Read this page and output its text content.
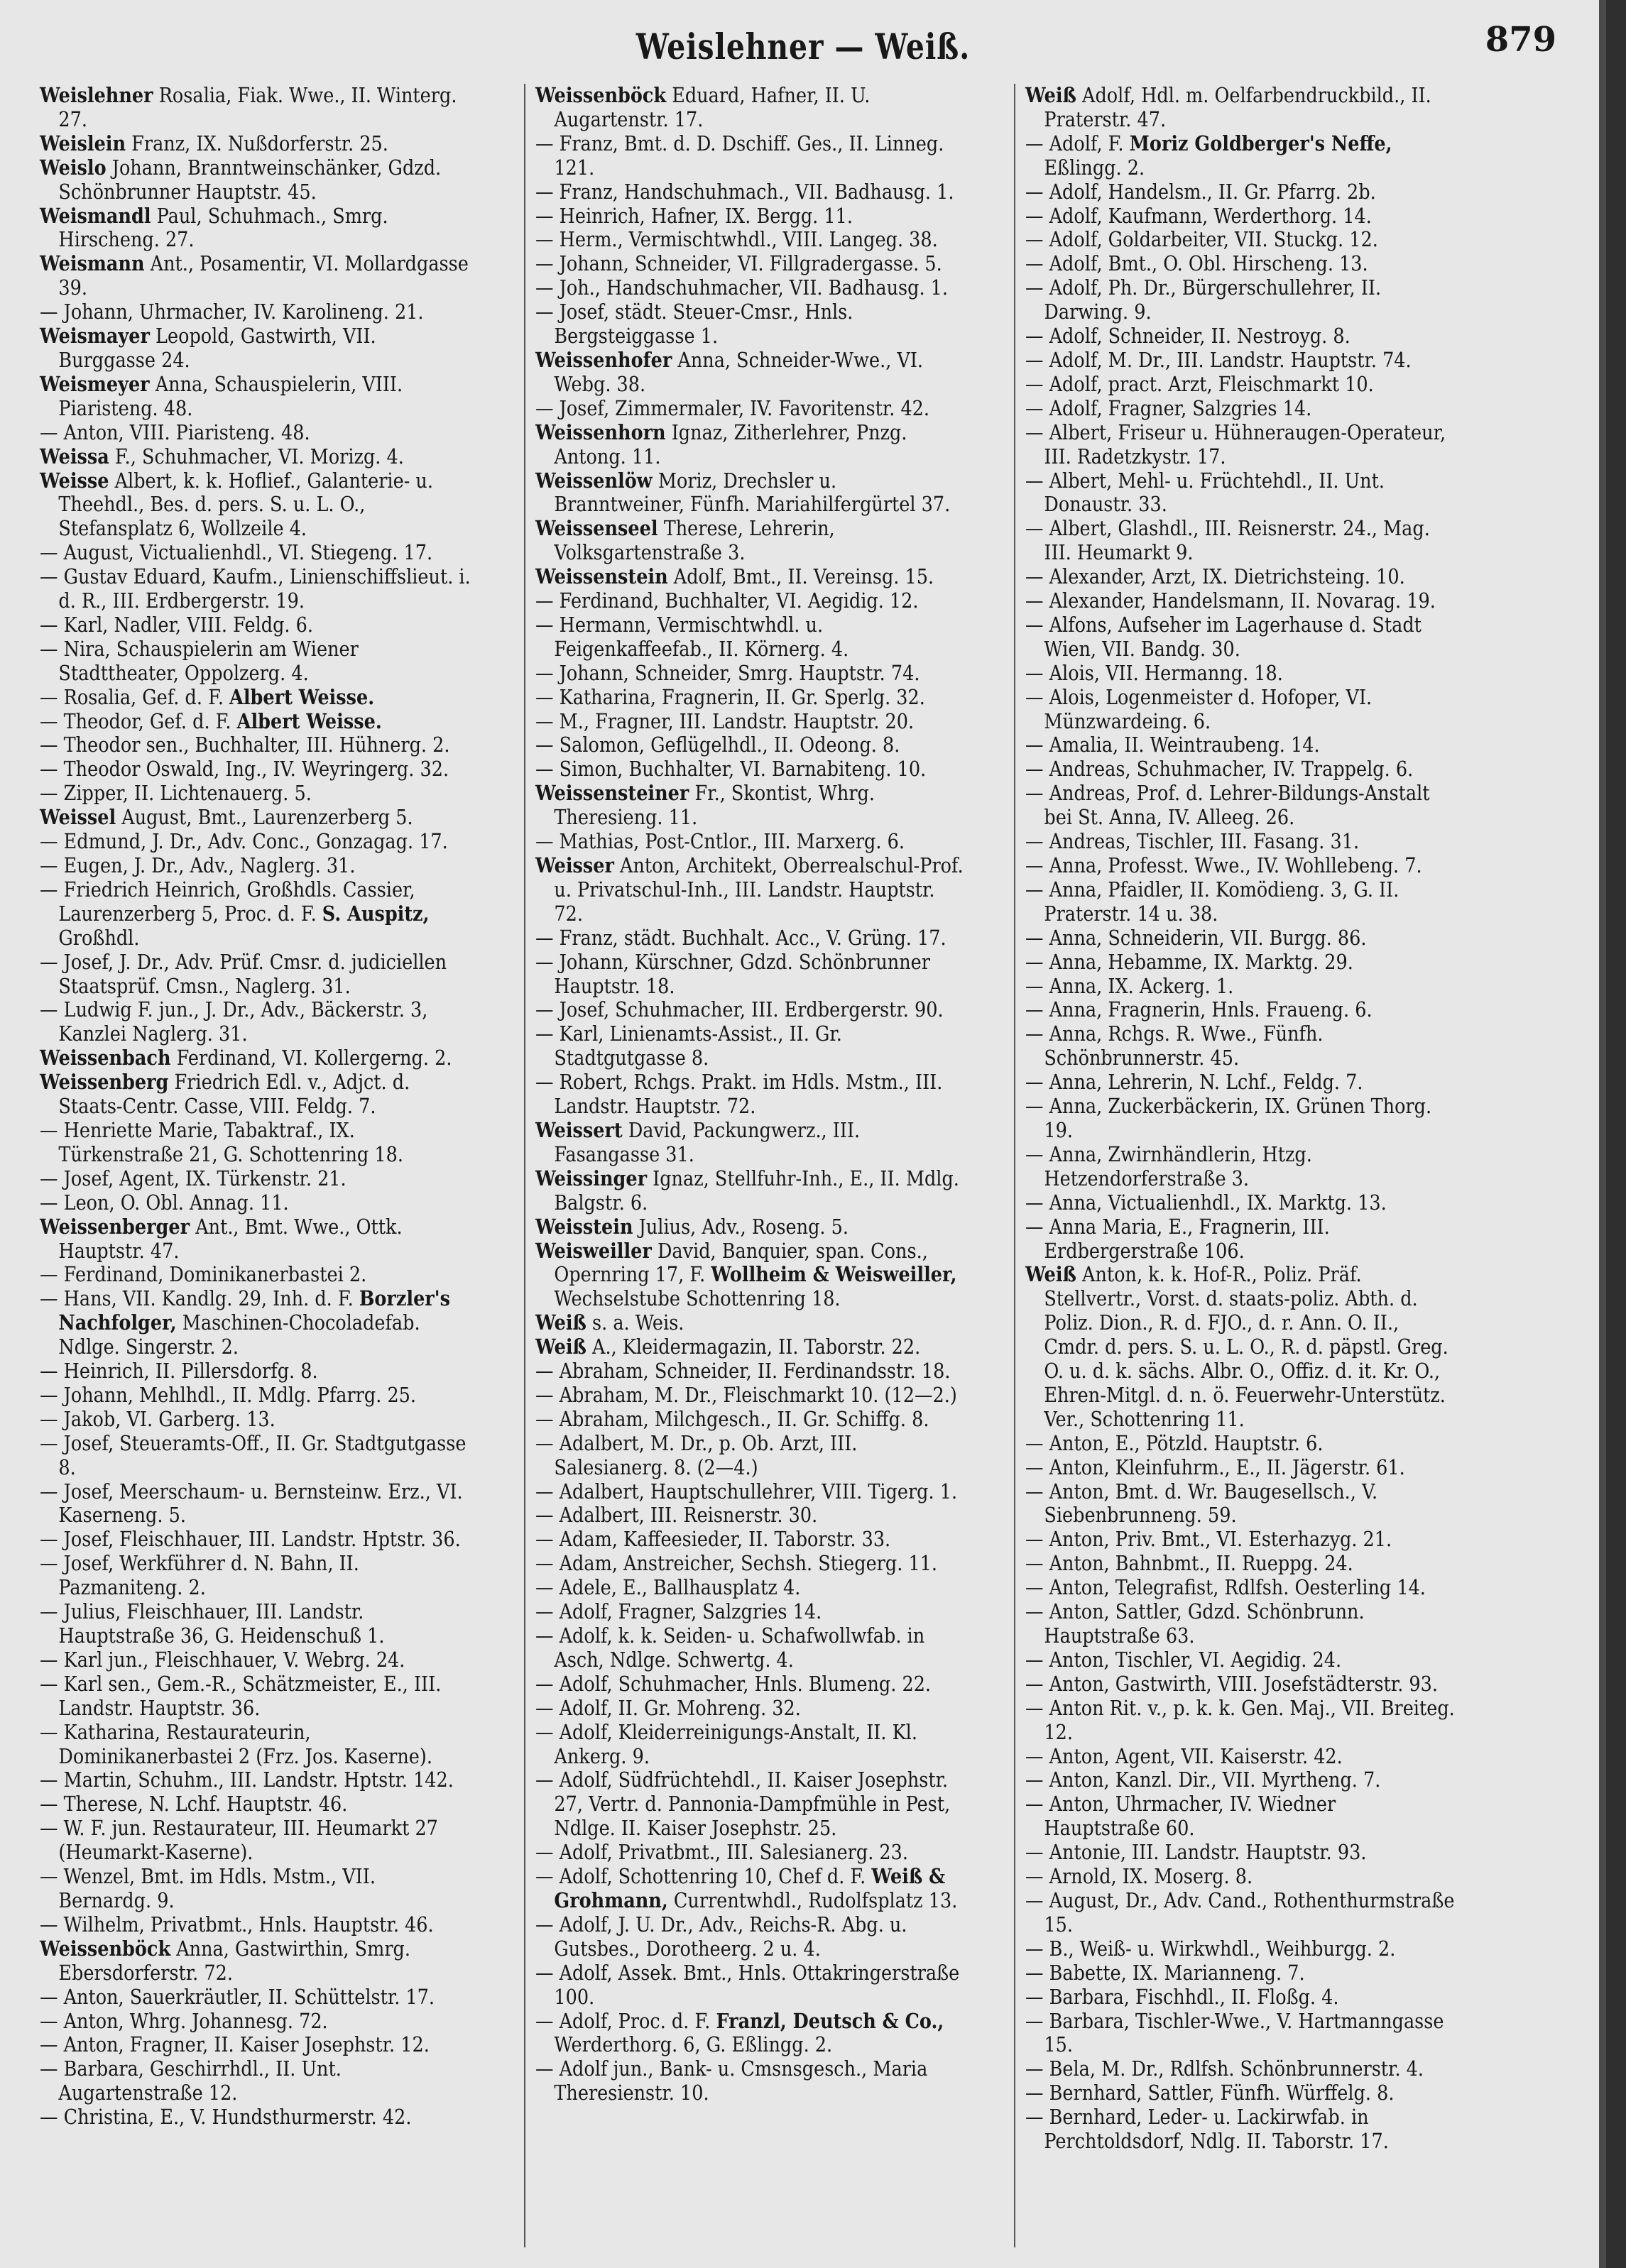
Weislehner — Weiß.	879

Weislehner Rosalia, Fiak. Wwe., II. Winterg. 27.

Weislein Franz, IX. Nußdorferstr. 25.

Weislo Johann, Branntweinschänker, Gdzd. Schönbrunner Hauptstr. 45.

Weismandl Paul, Schuhmach., Smrg. Hirscheng. 27.

Weismann Ant., Posamentir, VI. Mollardgasse 39.

— Johann, Uhrmacher, IV. Karolineng. 21.

Weismayer Leopold, Gastwirth, VII. Burggasse 24.

Weismeyer Anna, Schauspielerin, VIII. Piaristeng. 48.

— Anton, VIII. Piaristeng. 48.

Weissa F., Schuhmacher, VI. Morizg. 4.

Weisse Albert, k. k. Hoflief., Galanterie- u. Theehdl., Bes. d. pers. S. u. L. O., Stefansplatz 6, Wollzeile 4.

— August, Victualienhdl., VI. Stiegeng. 17.

— Gustav Eduard, Kaufm., Linienschiffslieut. i. d. R., III. Erdbergerstr. 19.

— Karl, Nadler, VIII. Feldg. 6.

— Nira, Schauspielerin am Wiener Stadttheater, Oppolzerg. 4.

— Rosalia, Gef. d. F. Albert Weisse.

— Theodor, Gef. d. F. Albert Weisse.

— Theodor sen., Buchhalter, III. Hühnerg. 2.

— Theodor Oswald, Ing., IV. Weyringerg. 32.

— Zipper, II. Lichtenauerg. 5.

Weissel August, Bmt., Laurenzerberg 5.

— Edmund, J. Dr., Adv. Conc., Gonzagag. 17.

— Eugen, J. Dr., Adv., Naglerg. 31.

— Friedrich Heinrich, Großhdls. Cassier, Laurenzerberg 5, Proc. d. F. S. Auspitz, Großhdl.

— Josef, J. Dr., Adv. Prüf. Cmsr. d. judiciellen Staatsprüf. Cmsn., Naglerg. 31.

— Ludwig F. jun., J. Dr., Adv., Bäckerstr. 3, Kanzlei Naglerg. 31.

Weissenbach Ferdinand, VI. Kollergerng. 2.

Weissenberg Friedrich Edl. v., Adjct. d. Staats-Centr. Casse, VIII. Feldg. 7.

— Henriette Marie, Tabaktraf., IX. Türkenstraße 21, G. Schottenring 18.

— Josef, Agent, IX. Türkenstr. 21.

— Leon, O. Obl. Annag. 11.

Weissenberger Ant., Bmt. Wwe., Ottk. Hauptstr. 47.

— Ferdinand, Dominikanerbastei 2.

— Hans, VII. Kandlg. 29, Inh. d. F. Borzler's Nachfolger, Maschinen-Chocoladefab. Ndlge. Singerstr. 2.

— Heinrich, II. Pillersdorfg. 8.

— Johann, Mehlhdl., II. Mdlg. Pfarrg. 25.

— Jakob, VI. Garberg. 13.

— Josef, Steueramts-Off., II. Gr. Stadtgutgasse 8.

— Josef, Meerschaum- u. Bernsteinw. Erz., VI. Kaserneng. 5.

— Josef, Fleischhauer, III. Landstr. Hptstr. 36.

— Josef, Werkführer d. N. Bahn, II. Pazmaniteng. 2.

— Julius, Fleischhauer, III. Landstr. Hauptstraße 36, G. Heidenschuß 1.

— Karl jun., Fleischhauer, V. Webrg. 24.

— Karl sen., Gem.-R., Schätzmeister, E., III. Landstr. Hauptstr. 36.

— Katharina, Restaurateurin, Dominikanerbastei 2 (Frz. Jos. Kaserne).

— Martin, Schuhm., III. Landstr. Hptstr. 142.

— Therese, N. Lchf. Hauptstr. 46.

— W. F. jun. Restaurateur, III. Heumarkt 27 (Heumarkt-Kaserne).

— Wenzel, Bmt. im Hdls. Mstm., VII. Bernardg. 9.

— Wilhelm, Privatbmt., Hnls. Hauptstr. 46.

Weissenböck Anna, Gastwirthin, Smrg. Ebersdorferstr. 72.

— Anton, Sauerkräutler, II. Schüttelstr. 17.

— Anton, Whrg. Johannesg. 72.

— Anton, Fragner, II. Kaiser Josephstr. 12.

— Barbara, Geschirrhdl., II. Unt. Augartenstraße 12.

— Christina, E., V. Hundsthurmerstr. 42.

Weissenböck Eduard, Hafner, II. U. Augartenstr. 17.

— Franz, Bmt. d. D. Dschiff. Ges., II. Linneg. 121.

— Franz, Handschuhmach., VII. Badhausg. 1.

— Heinrich, Hafner, IX. Bergg. 11.

— Herm., Vermischtwhdl., VIII. Langeg. 38.

— Johann, Schneider, VI. Fillgradergasse. 5.

— Joh., Handschuhmacher, VII. Badhausg. 1.

— Josef, städt. Steuer-Cmsr., Hnls. Bergsteiggasse 1.

Weissenhofer Anna, Schneider-Wwe., VI. Webg. 38.

— Josef, Zimmermaler, IV. Favoritenstr. 42.

Weissenhorn Ignaz, Zitherlehrer, Pnzg. Antong. 11.

Weissenlöw Moriz, Drechsler u. Branntweiner, Fünfh. Mariahilfergürtel 37.

Weissenseel Therese, Lehrerin, Volksgartenstraße 3.

Weissenstein Adolf, Bmt., II. Vereinsg. 15.

— Ferdinand, Buchhalter, VI. Aegidig. 12.

— Hermann, Vermischtwhdl. u. Feigenkaffeefab., II. Körnerg. 4.

— Johann, Schneider, Smrg. Hauptstr. 74.

— Katharina, Fragnerin, II. Gr. Sperlg. 32.

— M., Fragner, III. Landstr. Hauptstr. 20.

— Salomon, Geflügelhdl., II. Odeong. 8.

— Simon, Buchhalter, VI. Barnabiteng. 10.

Weissensteiner Fr., Skontist, Whrg. Theresieng. 11.

— Mathias, Post-Cntlor., III. Marxerg. 6.

Weisser Anton, Architekt, Oberrealschul-Prof. u. Privatschul-Inh., III. Landstr. Hauptstr. 72.

— Franz, städt. Buchhalt. Acc., V. Grüng. 17.

— Johann, Kürschner, Gdzd. Schönbrunner Hauptstr. 18.

— Josef, Schuhmacher, III. Erdbergerstr. 90.

— Karl, Linienamts-Assist., II. Gr. Stadtgutgasse 8.

— Robert, Rchgs. Prakt. im Hdls. Mstm., III. Landstr. Hauptstr. 72.

Weissert David, Packungwerz., III. Fasangasse 31.

Weissinger Ignaz, Stellfuhr-Inh., E., II. Mdlg. Balgstr. 6.

Weisstein Julius, Adv., Roseng. 5.

Weisweiller David, Banquier, span. Cons., Opernring 17, F. Wollheim & Weisweiller, Wechselstube Schottenring 18.

Weiß s. a. Weis.

Weiß A., Kleidermagazin, II. Taborstr. 22.

— Abraham, Schneider, II. Ferdinandsstr. 18.

— Abraham, M. Dr., Fleischmarkt 10. (12—2.)

— Abraham, Milchgesch., II. Gr. Schiffg. 8.

— Adalbert, M. Dr., p. Ob. Arzt, III. Salesianerg. 8. (2—4.)

— Adalbert, Hauptschullehrer, VIII. Tigerg. 1.

— Adalbert, III. Reisnerstr. 30.

— Adam, Kaffeesieder, II. Taborstr. 33.

— Adam, Anstreicher, Sechsh. Stiegerg. 11.

— Adele, E., Ballhausplatz 4.

— Adolf, Fragner, Salzgries 14.

— Adolf, k. k. Seiden- u. Schafwollwfab. in Asch, Ndlge. Schwertg. 4.

— Adolf, Schuhmacher, Hnls. Blumeng. 22.

— Adolf, II. Gr. Mohreng. 32.

— Adolf, Kleiderreinigungs-Anstalt, II. Kl. Ankerg. 9.

— Adolf, Südfrüchtehdl., II. Kaiser Josephstr. 27, Vertr. d. Pannonia-Dampfmühle in Pest, Ndlge. II. Kaiser Josephstr. 25.

— Adolf, Privatbmt., III. Salesianerg. 23.

— Adolf, Schottenring 10, Chef d. F. Weiß & Grohmann, Currentwhdl., Rudolfsplatz 13.

— Adolf, J. U. Dr., Adv., Reichs-R. Abg. u. Gutsbes., Dorotheerg. 2 u. 4.

— Adolf, Assek. Bmt., Hnls. Ottakringerstraße 100.

— Adolf, Proc. d. F. Franzl, Deutsch & Co., Werderthorg. 6, G. Eßlingg. 2.

— Adolf jun., Bank- u. Cmsnsgesch., Maria Theresienstr. 10.

Weiß Adolf, Hdl. m. Oelfarbendruckbild., II. Praterstr. 47.

— Adolf, F. Moriz Goldberger's Neffe, Eßlingg. 2.

— Adolf, Handelsm., II. Gr. Pfarrg. 2b.

— Adolf, Kaufmann, Werderthorg. 14.

— Adolf, Goldarbeiter, VII. Stuckg. 12.

— Adolf, Bmt., O. Obl. Hirscheng. 13.

— Adolf, Ph. Dr., Bürgerschullehrer, II. Darwing. 9.

— Adolf, Schneider, II. Nestroyg. 8.

— Adolf, M. Dr., III. Landstr. Hauptstr. 74.

— Adolf, pract. Arzt, Fleischmarkt 10.

— Adolf, Fragner, Salzgries 14.

— Albert, Friseur u. Hühneraugen-Operateur, III. Radetzkystr. 17.

— Albert, Mehl- u. Früchtehdl., II. Unt. Donaustr. 33.

— Albert, Glashdl., III. Reisnerstr. 24., Mag. III. Heumarkt 9.

— Alexander, Arzt, IX. Dietrichsteing. 10.

— Alexander, Handelsmann, II. Novarag. 19.

— Alfons, Aufseher im Lagerhause d. Stadt Wien, VII. Bandg. 30.

— Alois, VII. Hermanng. 18.

— Alois, Logenmeister d. Hofoper, VI. Münzwardeing. 6.

— Amalia, II. Weintraubeng. 14.

— Andreas, Schuhmacher, IV. Trappelg. 6.

— Andreas, Prof. d. Lehrer-Bildungs-Anstalt bei St. Anna, IV. Alleeg. 26.

— Andreas, Tischler, III. Fasang. 31.

— Anna, Professt. Wwe., IV. Wohllebeng. 7.

— Anna, Pfaidler, II. Komödieng. 3, G. II. Praterstr. 14 u. 38.

— Anna, Schneiderin, VII. Burgg. 86.

— Anna, Hebamme, IX. Marktg. 29.

— Anna, IX. Ackerg. 1.

— Anna, Fragnerin, Hnls. Fraueng. 6.

— Anna, Rchgs. R. Wwe., Fünfh. Schönbrunnerstr. 45.

— Anna, Lehrerin, N. Lchf., Feldg. 7.

— Anna, Zuckerbäckerin, IX. Grünen Thorg. 19.

— Anna, Zwirnhändlerin, Htzg. Hetzendorferstraße 3.

— Anna, Victualienhdl., IX. Marktg. 13.

— Anna Maria, E., Fragnerin, III. Erdbergerstraße 106.

Weiß Anton, k. k. Hof-R., Poliz. Präf. Stellvertr., Vorst. d. staats-poliz. Abth. d. Poliz. Dion., R. d. FJO., d. r. Ann. O. II., Cmdr. d. pers. S. u. L. O., R. d. päpstl. Greg. O. u. d. k. sächs. Albr. O., Offiz. d. it. Kr. O., Ehren-Mitgl. d. n. ö. Feuerwehr-Unterstütz. Ver., Schottenring 11.

— Anton, E., Pötzld. Hauptstr. 6.

— Anton, Kleinfuhrm., E., II. Jägerstr. 61.

— Anton, Bmt. d. Wr. Baugesellsch., V. Siebenbrunneng. 59.

— Anton, Priv. Bmt., VI. Esterhazyg. 21.

— Anton, Bahnbmt., II. Rueppg. 24.

— Anton, Telegrafist, Rdlfsh. Oesterling 14.

— Anton, Sattler, Gdzd. Schönbrunn. Hauptstraße 63.

— Anton, Tischler, VI. Aegidig. 24.

— Anton, Gastwirth, VIII. Josefstädterstr. 93.

— Anton Rit. v., p. k. k. Gen. Maj., VII. Breiteg. 12.

— Anton, Agent, VII. Kaiserstr. 42.

— Anton, Kanzl. Dir., VII. Myrtheng. 7.

— Anton, Uhrmacher, IV. Wiedner Hauptstraße 60.

— Antonie, III. Landstr. Hauptstr. 93.

— Arnold, IX. Moserg. 8.

— August, Dr., Adv. Cand., Rothenthurmstraße 15.

— B., Weiß- u. Wirkwhdl., Weihburgg. 2.

— Babette, IX. Marianneng. 7.

— Barbara, Fischhdl., II. Floßg. 4.

— Barbara, Tischler-Wwe., V. Hartmanngasse 15.

— Bela, M. Dr., Rdlfsh. Schönbrunnerstr. 4.

— Bernhard, Sattler, Fünfh. Würffelg. 8.

— Bernhard, Leder- u. Lackirwfab. in Perchtoldsdorf, Ndlg. II. Taborstr. 17.
